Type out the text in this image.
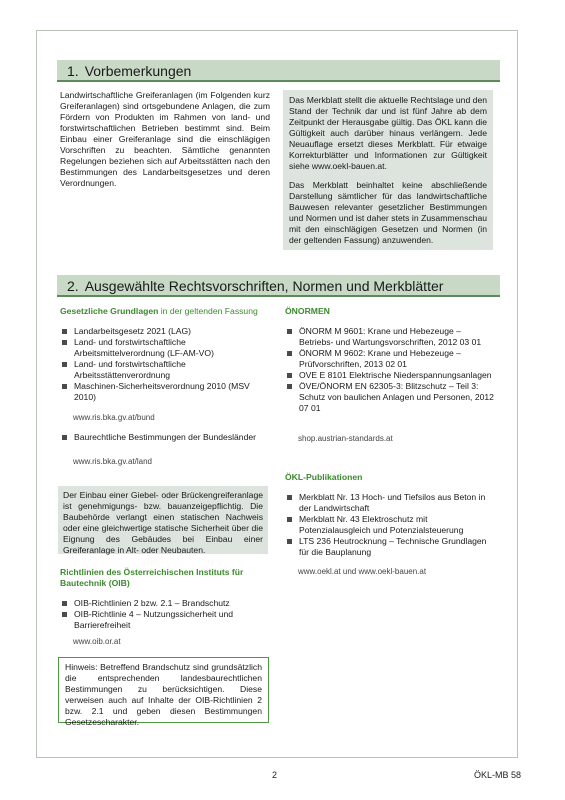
1. Vorbemerkungen
Landwirtschaftliche Greiferanlagen (im Folgenden kurz Greiferanlagen) sind ortsgebundene Anlagen, die zum Fördern von Produkten im Rahmen von land- und forstwirtschaftlichen Betrieben bestimmt sind. Beim Einbau einer Greiferanlage sind die einschlägigen Vorschriften zu beachten. Sämtliche genannten Regelungen beziehen sich auf Arbeitsstätten nach den Bestimmungen des Landarbeitsgesetzes und deren Verordnungen.
Das Merkblatt stellt die aktuelle Rechtslage und den Stand der Technik dar und ist fünf Jahre ab dem Zeitpunkt der Herausgabe gültig. Das ÖKL kann die Gültigkeit auch darüber hinaus verlängern. Jede Neuauflage ersetzt dieses Merkblatt. Für etwaige Korrekturblätter und Informationen zur Gültigkeit siehe www.oekl-bauen.at.
Das Merkblatt beinhaltet keine abschließende Darstellung sämtlicher für das landwirtschaftliche Bauwesen relevanter gesetzlicher Bestimmungen und Normen und ist daher stets in Zusammenschau mit den einschlägigen Gesetzen und Normen (in der geltenden Fassung) anzuwenden.
2. Ausgewählte Rechtsvorschriften, Normen und Merkblätter
Gesetzliche Grundlagen in der geltenden Fassung
Landarbeitsgesetz 2021 (LAG)
Land- und forstwirtschaftliche Arbeitsmittelverordnung (LF-AM-VO)
Land- und forstwirtschaftliche Arbeitsstättenverordnung
Maschinen-Sicherheitsverordnung 2010 (MSV 2010)
www.ris.bka.gv.at/bund
Baurechtliche Bestimmungen der Bundesländer
www.ris.bka.gv.at/land
Der Einbau einer Giebel- oder Brückengreiferanlage ist genehmigungs- bzw. bauanzeigepflichtig. Die Baubehörde verlangt einen statischen Nachweis oder eine gleichwertige statische Sicherheit über die Eignung des Gebäudes bei Einbau einer Greiferanlage in Alt- oder Neubauten.
Richtlinien des Österreichischen Instituts für Bautechnik (OIB)
OIB-Richtlinien 2 bzw. 2.1 – Brandschutz
OIB-Richtlinie 4 – Nutzungssicherheit und Barrierefreiheit
www.oib.or.at
Hinweis: Betreffend Brandschutz sind grundsätzlich die entsprechenden landesbaurechtlichen Bestimmungen zu berücksichtigen. Diese verweisen auch auf Inhalte der OIB-Richtlinien 2 bzw. 2.1 und geben diesen Bestimmungen Gesetzescharakter.
ÖNORMEN
ÖNORM M 9601: Krane und Hebezeuge – Betriebs- und Wartungsvorschriften, 2012 03 01
ÖNORM M 9602: Krane und Hebezeuge – Prüfvorschriften, 2013 02 01
OVE E 8101 Elektrische Niederspannungsanlagen
ÖVE/ÖNORM EN 62305-3: Blitzschutz – Teil 3: Schutz von baulichen Anlagen und Personen, 2012 07 01
shop.austrian-standards.at
ÖKL-Publikationen
Merkblatt Nr. 13 Hoch- und Tiefsilos aus Beton in der Landwirtschaft
Merkblatt Nr. 43 Elektroschutz mit Potenzialausgleich und Potenzialsteuerung
LTS 236 Heutrocknung – Technische Grundlagen für die Bauplanung
www.oekl.at und www.oekl-bauen.at
2	ÖKL-MB 58
